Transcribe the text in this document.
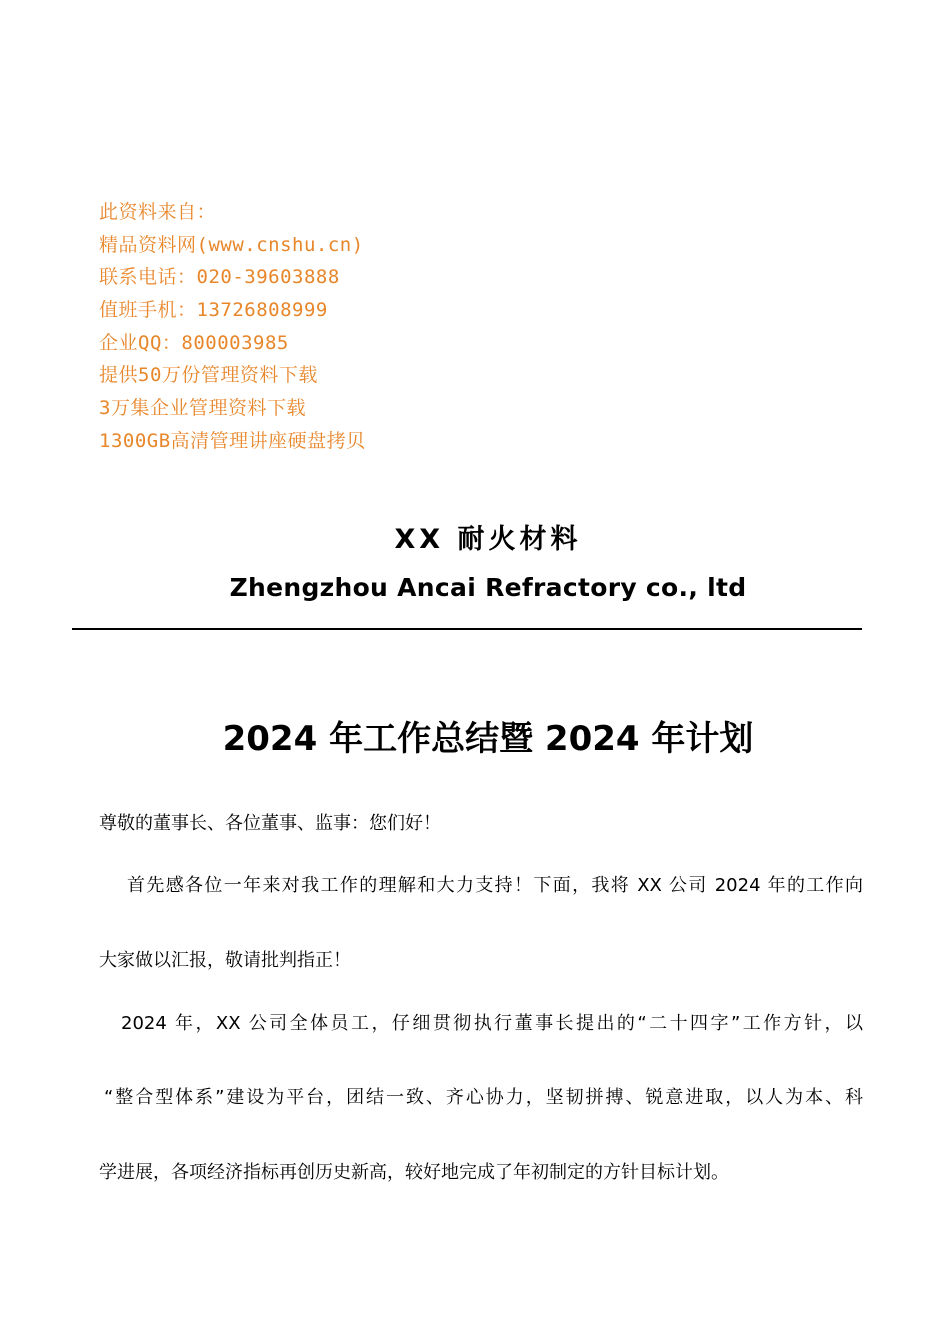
此资料来自：
精品资料网(www.cnshu.cn)
联系电话：020-39603888
值班手机：13726808999
企业QQ：800003985
提供50万份管理资料下载
3万集企业管理资料下载
1300GB高清管理讲座硬盘拷贝
XX 耐火材料
Zhengzhou Ancai Refractory co., ltd
2024 年工作总结暨 2024 年计划
尊敬的董事长、各位董事、监事：您们好！
首先感各位一年来对我工作的理解和大力支持！下面，我将 XX 公司 2024 年的工作向
大家做以汇报，敬请批判指正！
2024 年，XX 公司全体员工，仔细贯彻执行董事长提出的“二十四字”工作方针，以
“整合型体系”建设为平台，团结一致、齐心协力，坚韧拼搏、锐意进取，以人为本、科
学进展，各项经济指标再创历史新高，较好地完成了年初制定的方针目标计划。
